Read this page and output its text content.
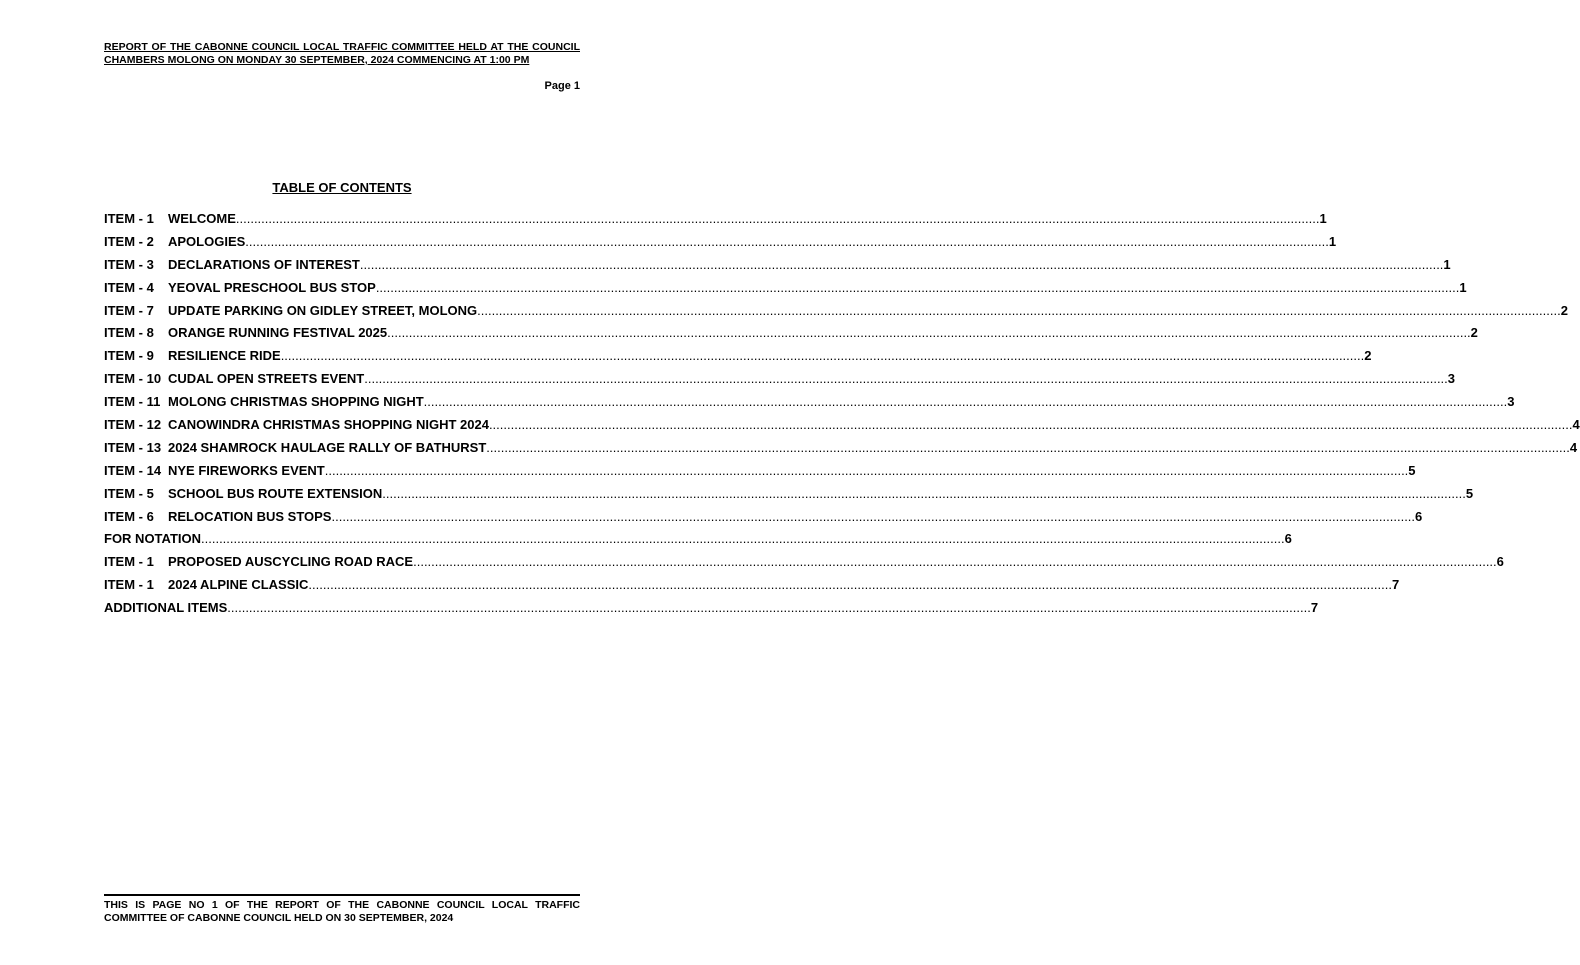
REPORT OF THE CABONNE COUNCIL LOCAL TRAFFIC COMMITTEE HELD AT THE COUNCIL CHAMBERS MOLONG ON MONDAY 30 SEPTEMBER, 2024 COMMENCING AT 1:00 PM

Page 1
TABLE OF CONTENTS
ITEM - 1	WELCOME ............................................................................................................................................................................................................................................................................................................ 1
ITEM - 2	APOLOGIES ............................................................................................................................................................................................................................................................................................................ 1
ITEM - 3	DECLARATIONS OF INTEREST ............................................................................................................................................................................................................................................................................................................ 1
ITEM - 4	YEOVAL PRESCHOOL BUS STOP ............................................................................................................................................................................................................................................................................................................ 1
ITEM - 7	UPDATE PARKING ON GIDLEY STREET, MOLONG ............................................................................................................................................................................................................................................................................................................ 2
ITEM - 8	ORANGE RUNNING FESTIVAL 2025 ............................................................................................................................................................................................................................................................................................................ 2
ITEM - 9	RESILIENCE RIDE ............................................................................................................................................................................................................................................................................................................ 2
ITEM - 10 CUDAL OPEN STREETS EVENT ............................................................................................................................................................................................................................................................................................................ 3
ITEM - 11 MOLONG CHRISTMAS SHOPPING NIGHT ............................................................................................................................................................................................................................................................................................................ 3
ITEM - 12 CANOWINDRA CHRISTMAS SHOPPING NIGHT 2024 ............................................................................................................................................................................................................................................................................................................ 4
ITEM - 13 2024 SHAMROCK HAULAGE RALLY OF BATHURST ............................................................................................................................................................................................................................................................................................................ 4
ITEM - 14 NYE FIREWORKS EVENT ............................................................................................................................................................................................................................................................................................................ 5
ITEM - 5	SCHOOL BUS ROUTE EXTENSION ............................................................................................................................................................................................................................................................................................................ 5
ITEM - 6	RELOCATION BUS STOPS ............................................................................................................................................................................................................................................................................................................ 6
FOR NOTATION ............................................................................................................................................................................................................................................................................................................ 6
ITEM - 1	PROPOSED AUSCYCLING ROAD RACE ............................................................................................................................................................................................................................................................................................................ 6
ITEM - 1	2024 ALPINE CLASSIC ............................................................................................................................................................................................................................................................................................................ 7
ADDITIONAL ITEMS ............................................................................................................................................................................................................................................................................................................ 7

THIS IS PAGE NO 1 OF THE REPORT OF THE CABONNE COUNCIL LOCAL TRAFFIC COMMITTEE OF CABONNE COUNCIL HELD ON 30 SEPTEMBER, 2024
